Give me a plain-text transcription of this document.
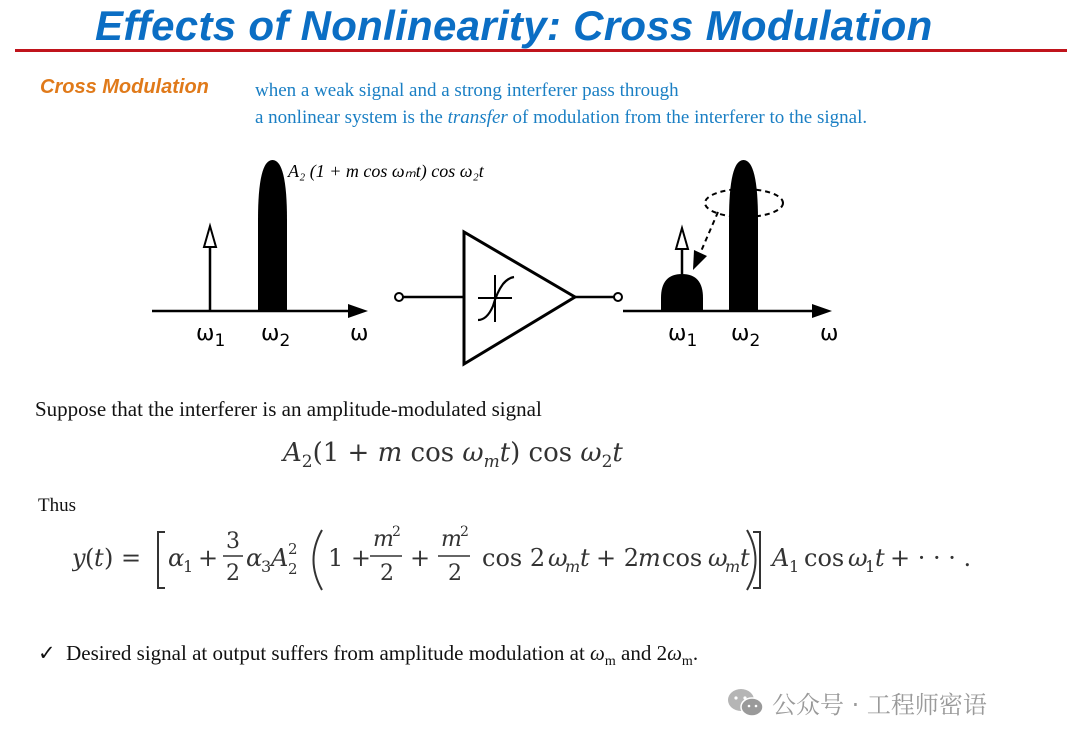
Effects of Nonlinearity: Cross Modulation
Cross Modulation when a weak signal and a strong interferer pass through
a nonlinear system is the transfer of modulation from the interferer to the signal.
$\omega_1$ $\omega_2$	ω
A₂ (1 + m cos ωₘt) cos ω₂t
$\omega_1$ $\omega_2$	ω
Suppose that the interferer is an amplitude-modulated signal
$A_2(1 + m$ $\cos \omega_mt$) $\cos \omega_2t$
Thus
y ( t ) = α
1 +
3
2
α
3 A 2
2 1 +
m
2
2
+
m
2
2
cos 2 ω
m t + 2
m cos ω
m t A 1 cos ω
1 t + · · · .
✓ Desired signal at output suffers from amplitude modulation at $\omega_m$ and $2\omega_m$.
公众号 · 工程师密语
